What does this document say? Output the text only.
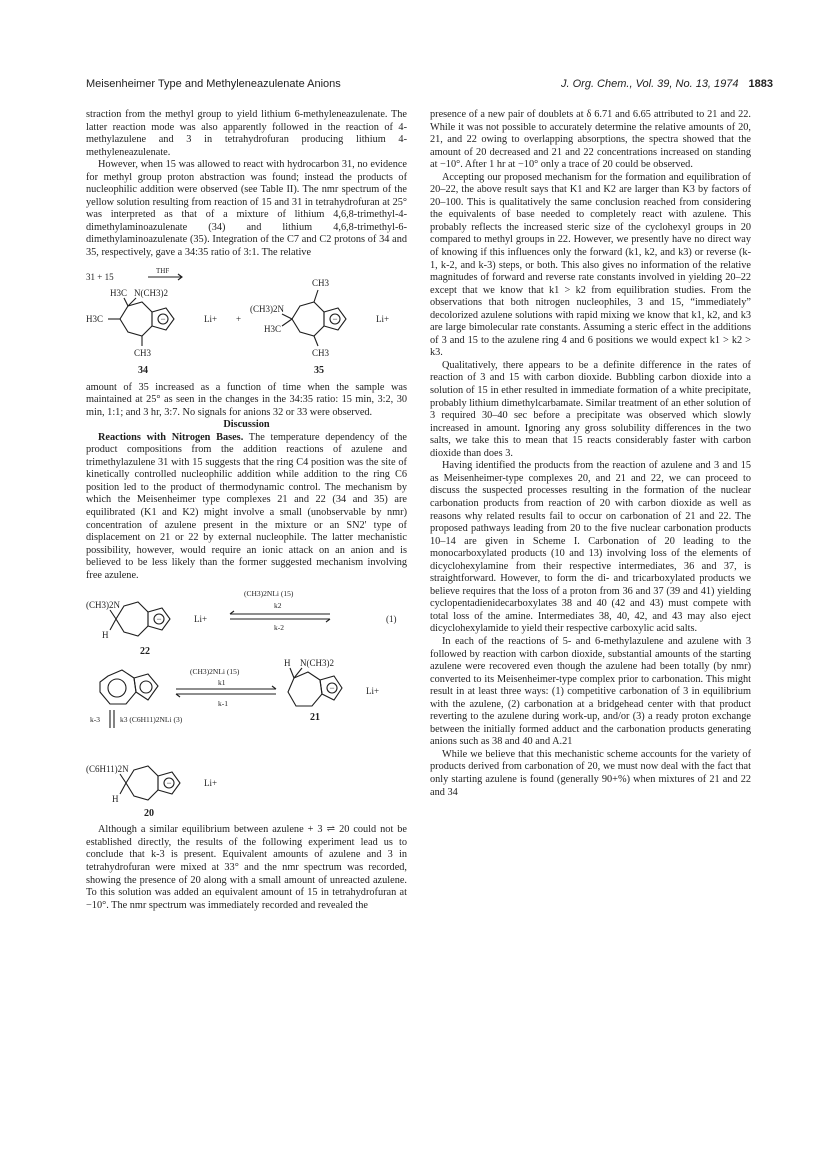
Meisenheimer Type and Methyleneazulenate Anions	J. Org. Chem., Vol. 39, No. 13, 1974 1883

straction from the methyl group to yield lithium 6-methyleneazulenate. The latter reaction mode was also apparently followed in the reaction of 4-methylazulene and 3 in tetrahydrofuran producing lithium 4-methyleneazulenate.

However, when 15 was allowed to react with hydrocarbon 31, no evidence for methyl group proton abstraction was found; instead the products of nucleophilic addition were observed (see Table II). The nmr spectrum of the yellow solution resulting from reaction of 15 and 31 in tetrahydrofuran at 25° was interpreted as that of a mixture of lithium 4,6,8-trimethyl-4-dimethylaminoazulenate (34) and lithium 4,6,8-trimethyl-6-dimethylaminoazulenate (35). Integration of the C7 and C2 protons of 34 and 35, respectively, gave a 34:35 ratio of 3:1. The relative

31 + 15
THF
−
H3C N(CH3)2
H3C
CH3
34
Li+ +	−
CH3
(CH3)2N
H3C
CH3
35
Li+

amount of 35 increased as a function of time when the sample was maintained at 25° as seen in the changes in the 34:35 ratio: 15 min, 3:2, 30 min, 1:1; and 3 hr, 3:7. No signals for anions 32 or 33 were observed.

Discussion

Reactions with Nitrogen Bases. The temperature dependency of the product compositions from the addition reactions of azulene and trimethylazulene 31 with 15 suggests that the ring C4 position was the site of kinetically controlled nucleophilic addition while addition to the ring C6 position led to the product of thermodynamic control. The mechanism by which the Meisenheimer type complexes 21 and 22 (34 and 35) are equilibrated (K1 and K2) might involve a small (unobservable by nmr) concentration of azulene present in the mixture or an SN2' type of displacement on 21 or 22 by external nucleophile. The latter mechanistic possibility, however, would require an ionic attack on an anion and is believed to be less likely than the former suggested mechanism involving free azulene.

−
(CH3)2N
H
22
Li+
(CH3)2NLi (15)
k2
k-2
(1)
(CH3)2NLi (15)
k1
k-1
−
H N(CH3)2
21
Li+
k-3	k3 (C6H11)2NLi (3)
−
(C6H11)2N
H
20
Li+

Although a similar equilibrium between azulene + 3 ⇌ 20 could not be established directly, the results of the following experiment lead us to conclude that k-3 is present. Equivalent amounts of azulene and 3 in tetrahydrofuran were mixed at 33° and the nmr spectrum was recorded, showing the presence of 20 along with a small amount of unreacted azulene. To this solution was added an equivalent amount of 15 in tetrahydrofuran at −10°. The nmr spectrum was immediately recorded and revealed the

presence of a new pair of doublets at δ 6.71 and 6.65 attributed to 21 and 22. While it was not possible to accurately determine the relative amounts of 20, 21, and 22 owing to overlapping absorptions, the spectra showed that the amount of 20 decreased and 21 and 22 concentrations increased on standing at −10°. After 1 hr at −10° only a trace of 20 could be observed.

Accepting our proposed mechanism for the formation and equilibration of 20–22, the above result says that K1 and K2 are larger than K3 by factors of 20–100. This is qualitatively the same conclusion reached from considering the equivalents of base needed to completely react with azulene. This probably reflects the increased steric size of the cyclohexyl groups in 20 compared to methyl groups in 22. However, we presently have no direct way of knowing if this influences only the forward (k1, k2, and k3) or reverse (k-1, k-2, and k-3) steps, or both. This also gives no information of the relative magnitudes of forward and reverse rate constants involved in yielding 20–22 except that we know that k1 > k2 from equilibration studies. From the observations that both nitrogen nucleophiles, 3 and 15, “immediately” decolorized azulene solutions with rapid mixing we know that k1, k2, and k3 are large bimolecular rate constants. Assuming a steric effect in the additions of 3 and 15 to the azulene ring 4 and 6 positions we would expect k1 > k2 > k3.

Qualitatively, there appears to be a definite difference in the rates of reaction of 3 and 15 with carbon dioxide. Bubbling carbon dioxide into a solution of 15 in ether resulted in immediate formation of a white precipitate, probably lithium dimethylcarbamate. Similar treatment of an ether solution of 3 required 30–40 sec before a precipitate was observed which slowly increased in amount. Ignoring any gross solubility differences in the two salts, we take this to mean that 15 reacts considerably faster with carbon dioxide than does 3.

Having identified the products from the reaction of azulene and 3 and 15 as Meisenheimer-type complexes 20, and 21 and 22, we can proceed to discuss the suspected processes resulting in the formation of the nuclear carbonation products from reaction of 20 with carbon dioxide as well as reasons why related results fail to occur on carbonation of 21 and 22. The proposed pathways leading from 20 to the five nuclear carbonation products 10–14 are given in Scheme I. Carbonation of 20 leading to the monocarboxylated products (10 and 13) involving loss of the elements of dicyclohexylamine from their respective intermediates, 36 and 37, is straightforward. However, to form the di- and tricarboxylated products we believe requires that the loss of a proton from 36 and 37 (39 and 41) yielding cyclopentadienidecarboxylates 38 and 40 (42 and 43) must compete with total loss of the amine. Intermediates 38, 40, 42, and 43 may also eject dicyclohexylamide to yield their respective carboxylic acid salts.

In each of the reactions of 5- and 6-methylazulene and azulene with 3 followed by reaction with carbon dioxide, substantial amounts of the starting azulene were recovered even though the azulene had been totally (by nmr) converted to its Meisenheimer-type complex prior to carbonation. This might result in at least three ways: (1) competitive carbonation of 3 in equilibrium with the azulene, (2) carbonation at a bridgehead center with that product reverting to the azulene during work-up, and/or (3) a ready proton exchange between the initially formed adduct and the carbonation products generating anions such as 38 and 40 and A.21

While we believe that this mechanistic scheme accounts for the variety of products derived from carbonation of 20, we must now deal with the fact that only starting azulene is found (generally 90+%) when mixtures of 21 and 22 and 34
